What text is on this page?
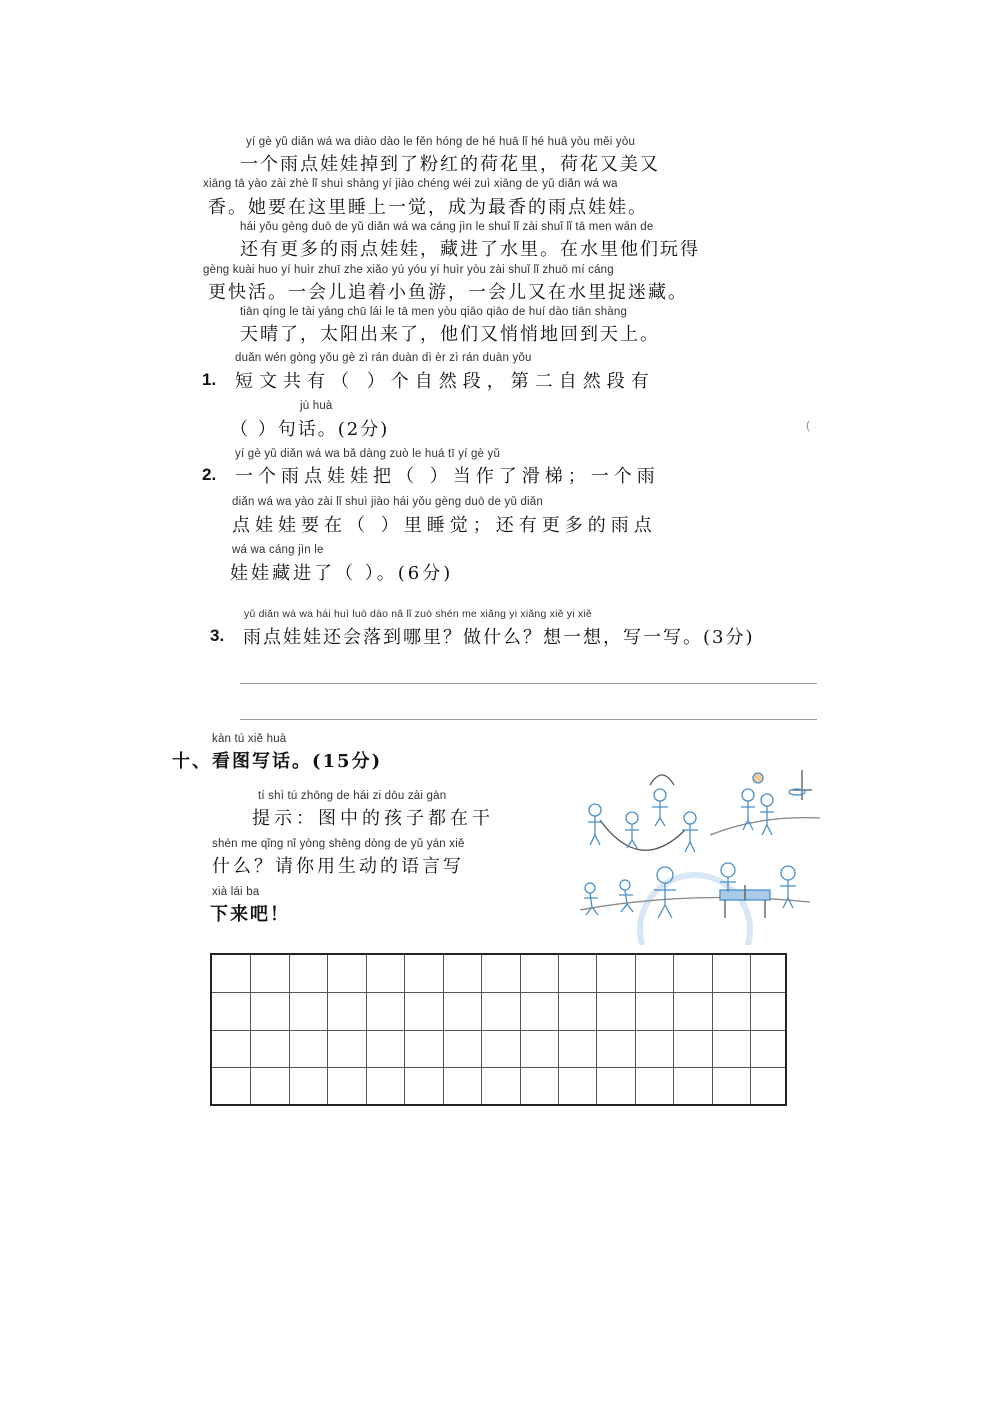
yí gè yǔ diǎn wá wa diào dào le fěn hóng de hé huā lǐ hé huā yòu měi yòu
一个雨点娃娃掉到了粉红的荷花里，荷花又美又
xiāng tā yào zài zhè lǐ shuì shàng yí jiào chéng wéi zuì xiāng de yǔ diǎn wá wa
香。她要在这里睡上一觉，成为最香的雨点娃娃。
hái yǒu gèng duō de yǔ diǎn wá wa cáng jìn le shuǐ lǐ zài shuǐ lǐ tā men wán de
还有更多的雨点娃娃，藏进了水里。在水里他们玩得
gèng kuài huo yí huìr zhuī zhe xiǎo yú yóu yí huìr yòu zài shuǐ lǐ zhuō mí cáng
更快活。一会儿追着小鱼游，一会儿又在水里捉迷藏。
tiān qíng le tài yáng chū lái le tā men yòu qiāo qiāo de huí dào tiān shàng
天晴了，太阳出来了，他们又悄悄地回到天上。
1.
duǎn wén gòng yǒu gè zì rán duàn dì èr zì rán duàn yǒu
短文共有（ ）个自然段，第二自然段有
jù huà
（ ）句话。(2分)	(
2.
yí gè yǔ diǎn wá wa bǎ dàng zuò le huá tī yí gè yǔ
一个雨点娃娃把（ ）当作了滑梯；一个雨
diǎn wá wa yào zài lǐ shuì jiào hái yǒu gèng duō de yǔ diǎn
点娃娃要在（ ）里睡觉；还有更多的雨点
wá wa cáng jìn le
娃娃藏进了（ ）。(6分)
3.
yǔ diǎn wá wa hái huì luò dào nǎ lǐ zuò shén me xiǎng yi xiǎng xiě yi xiě
雨点娃娃还会落到哪里？做什么？想一想，写一写。(3分)
kàn tú xiě huà
十、看图写话。(15分)
tí shì tú zhōng de hái zi dōu zài gàn
提示：图中的孩子都在干
shén me qǐng nǐ yòng shēng dòng de yǔ yán xiě
什么？请你用生动的语言写
xià lái ba
下来吧！
